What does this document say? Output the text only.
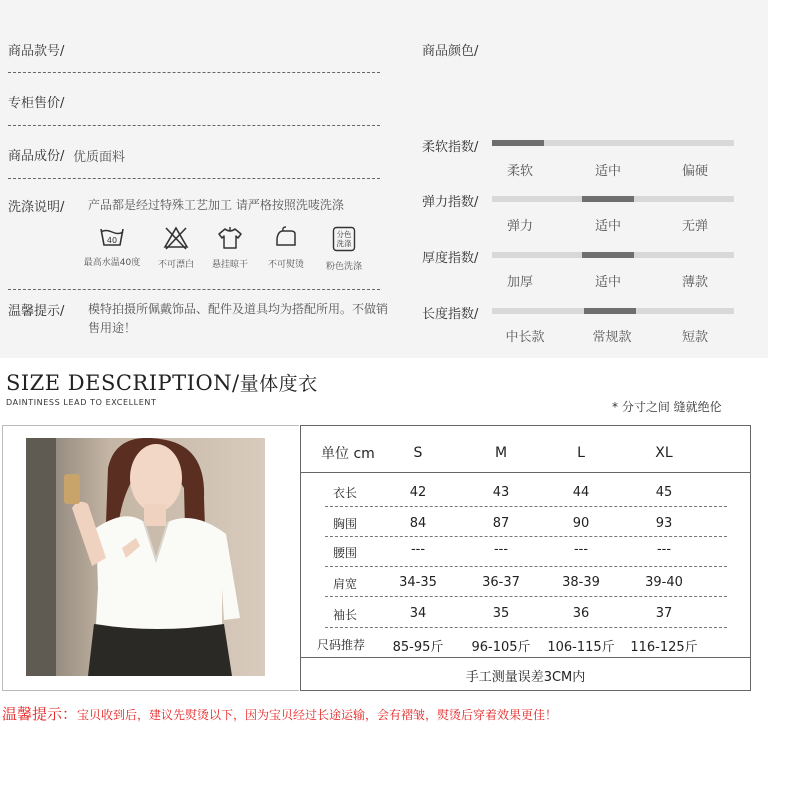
商品款号/
专柜售价/
商品成份/ 优质面料
洗涤说明/ 产品都是经过特殊工艺加工 请严格按照洗唛洗涤
40
最高水温40度	不可漂白	悬挂晾干	不可熨烫
分色
洗涤
粉色洗涤
温馨提示/ 模特拍摄所佩戴饰品、配件及道具均为搭配所用。不做销售用途！
商品颜色/
柔软指数/
柔软	适中	偏硬
弹力指数/
弹力	适中	无弹
厚度指数/
加厚	适中	薄款
长度指数/
中长款	常规款	短款
SIZE DESCRIPTION/量体度衣
DAINTINESS LEAD TO EXCELLENT	* 分寸之间 缝就绝伦
单位 cm	S	M	L	XL
衣长	42	43	44	45
胸围	84	87	90	93
腰围	---	---	---	---
肩宽	34-35	36-37	38-39	39-40
袖长	34	35	36	37
尺码推荐	85-95斤	96-105斤	106-115斤	116-125斤
手工测量误差3CM内
温馨提示：宝贝收到后，建议先熨烫以下，因为宝贝经过长途运输，会有褶皱，熨烫后穿着效果更佳！
